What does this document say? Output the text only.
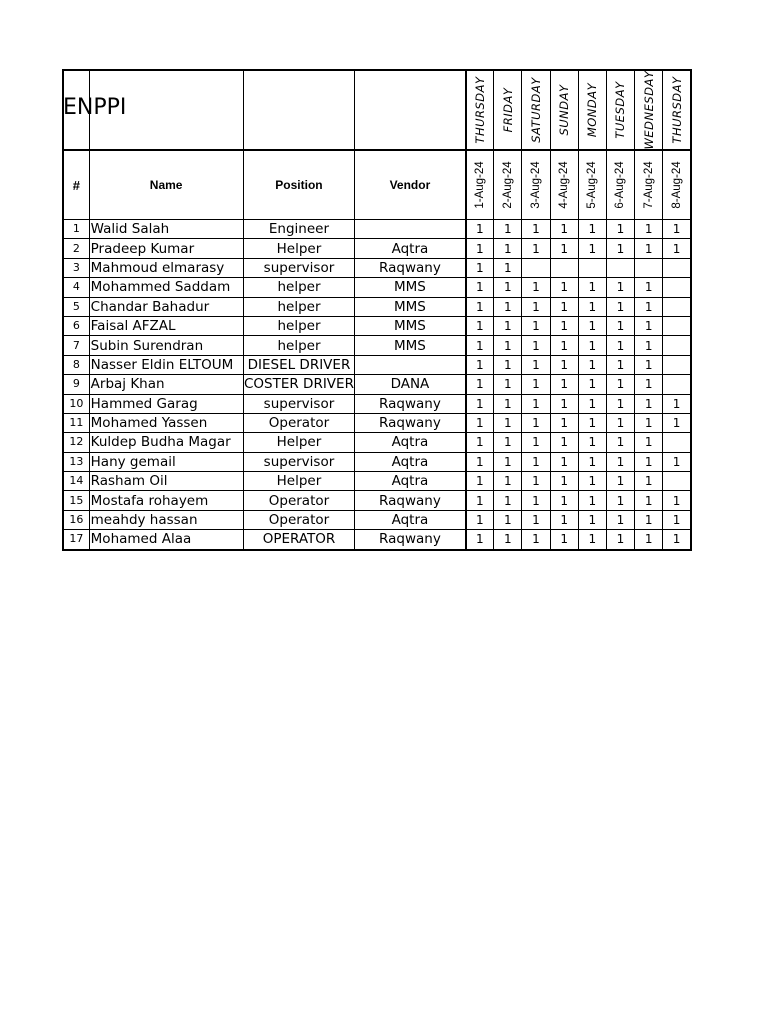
ENPPI				THURSDAY	FRIDAY	SATURDAY	SUNDAY	MONDAY	TUESDAY	WEDNESDAY	THURSDAY

#	Name	Position	Vendor	1-Aug-24	2-Aug-24	3-Aug-24	4-Aug-24	5-Aug-24	6-Aug-24	7-Aug-24	8-Aug-24

1	Walid Salah	Engineer		1	1	1	1	1	1	1	1
2	Pradeep Kumar	Helper	Aqtra	1	1	1	1	1	1	1	1
3	Mahmoud elmarasy	supervisor	Raqwany	1	1						
4	Mohammed Saddam	helper	MMS	1	1	1	1	1	1	1	
5	Chandar Bahadur	helper	MMS	1	1	1	1	1	1	1	
6	Faisal AFZAL	helper	MMS	1	1	1	1	1	1	1	
7	Subin Surendran	helper	MMS	1	1	1	1	1	1	1	
8	Nasser Eldin ELTOUM	DIESEL DRIVER		1	1	1	1	1	1	1	
9	Arbaj Khan	COSTER DRIVER	DANA	1	1	1	1	1	1	1	
10	Hammed Garag	supervisor	Raqwany	1	1	1	1	1	1	1	1
11	Mohamed Yassen	Operator	Raqwany	1	1	1	1	1	1	1	1
12	Kuldep Budha Magar	Helper	Aqtra	1	1	1	1	1	1	1	
13	Hany gemail	supervisor	Aqtra	1	1	1	1	1	1	1	1
14	Rasham Oil	Helper	Aqtra	1	1	1	1	1	1	1	
15	Mostafa rohayem	Operator	Raqwany	1	1	1	1	1	1	1	1
16	meahdy hassan	Operator	Aqtra	1	1	1	1	1	1	1	1
17	Mohamed Alaa	OPERATOR	Raqwany	1	1	1	1	1	1	1	1
